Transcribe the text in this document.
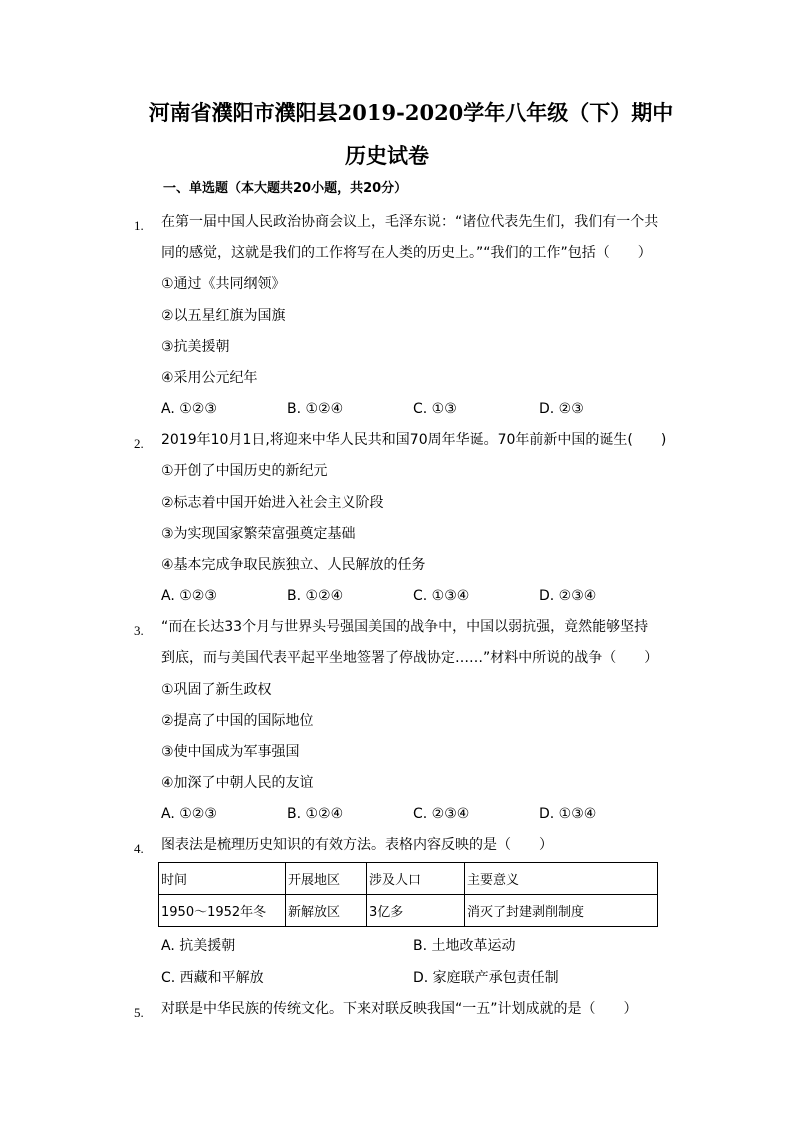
河南省濮阳市濮阳县2019-2020学年八年级（下）期中
历史试卷
一、单选题（本大题共20小题，共20分）
1. 在第一届中国人民政治协商会议上，毛泽东说：“诸位代表先生们，我们有一个共
同的感觉，这就是我们的工作将写在人类的历史上。”“我们的工作”包括（　　）
①通过《共同纲领》
②以五星红旗为国旗
③抗美援朝
④采用公元纪年
A. ①②③	B. ①②④	C. ①③	D. ②③
2. 2019年10月1日,将迎来中华人民共和国70周年华诞。70年前新中国的诞生(　　)
①开创了中国历史的新纪元
②标志着中国开始进入社会主义阶段
③为实现国家繁荣富强奠定基础
④基本完成争取民族独立、人民解放的任务
A. ①②③	B. ①②④	C. ①③④	D. ②③④
3. “而在长达33个月与世界头号强国美国的战争中，中国以弱抗强，竟然能够坚持
到底，而与美国代表平起平坐地签署了停战协定……”材料中所说的战争（　　）
①巩固了新生政权
②提高了中国的国际地位
③使中国成为军事强国
④加深了中朝人民的友谊
A. ①②③	B. ①②④	C. ②③④	D. ①③④
4. 图表法是梳理历史知识的有效方法。表格内容反映的是（　　）
时间	开展地区	涉及人口	主要意义
1950～1952年冬	新解放区	3亿多	消灭了封建剥削制度
A. 抗美援朝	B. 土地改革运动
C. 西藏和平解放	D. 家庭联产承包责任制
5. 对联是中华民族的传统文化。下来对联反映我国“一五”计划成就的是（　　）
